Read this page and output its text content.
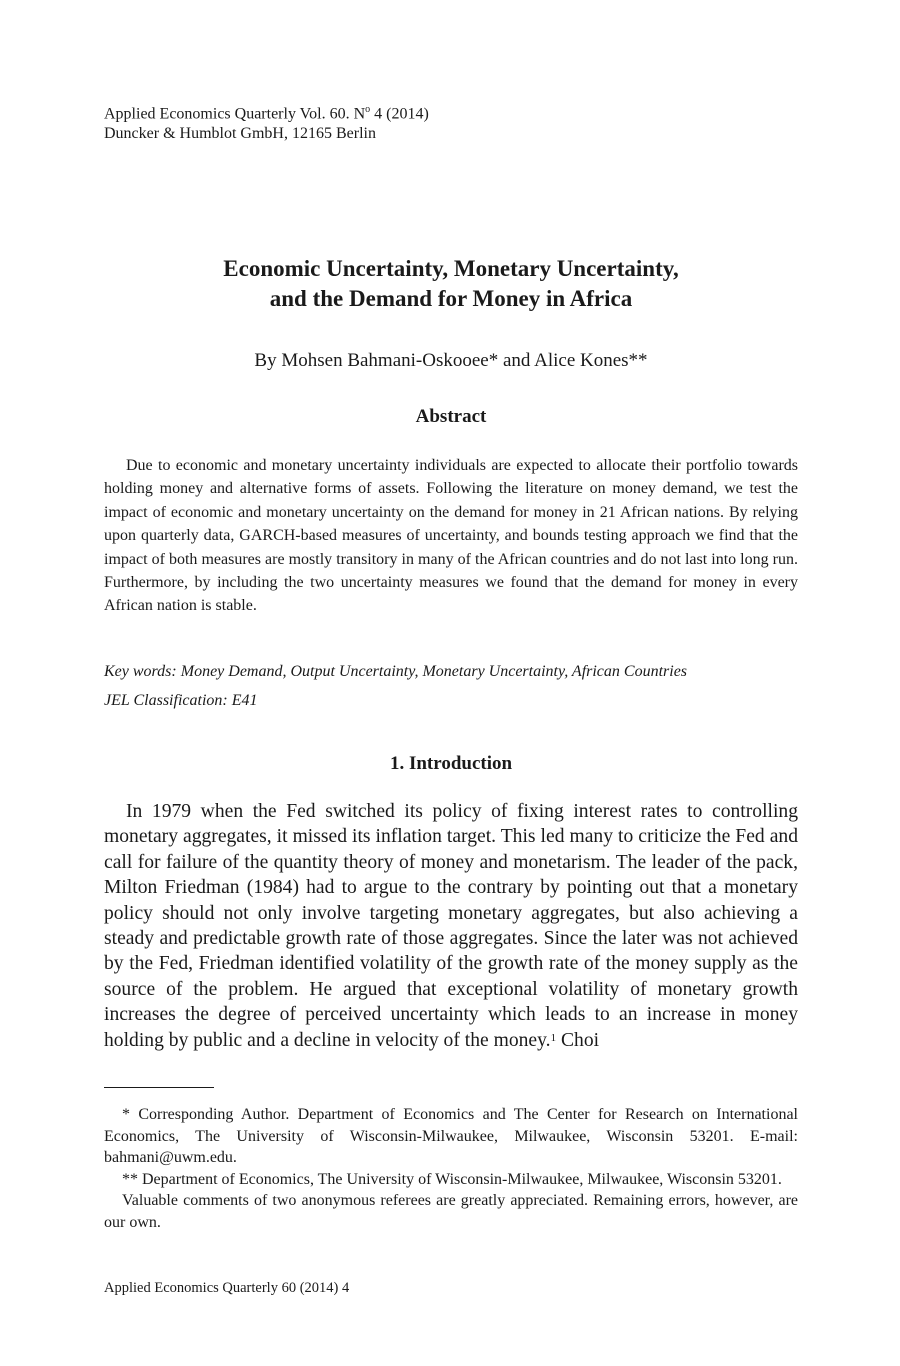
Applied Economics Quarterly Vol. 60. $N^o$ 4 (2014)
Duncker & Humblot GmbH, 12165 Berlin
Economic Uncertainty, Monetary Uncertainty,
and the Demand for Money in Africa
By Mohsen Bahmani-Oskooee* and Alice Kones**
Abstract

Due to economic and monetary uncertainty individuals are expected to allocate their portfolio towards holding money and alternative forms of assets. Following the literature on money demand, we test the impact of economic and monetary uncertainty on the demand for money in 21 African nations. By relying upon quarterly data, GARCH-based measures of uncertainty, and bounds testing approach we find that the impact of both measures are mostly transitory in many of the African countries and do not last into long run. Furthermore, by including the two uncertainty measures we found that the demand for money in every African nation is stable.

Key words: Money Demand, Output Uncertainty, Monetary Uncertainty, African Countries
JEL Classification: E41
1. Introduction

In 1979 when the Fed switched its policy of fixing interest rates to controlling monetary aggregates, it missed its inflation target. This led many to criticize the Fed and call for failure of the quantity theory of money and monetarism. The leader of the pack, Milton Friedman (1984) had to argue to the contrary by pointing out that a monetary policy should not only involve targeting monetary aggregates, but also achieving a steady and predictable growth rate of those aggregates. Since the later was not achieved by the Fed, Friedman identified volatility of the growth rate of the money supply as the source of the problem. He argued that exceptional volatility of monetary growth increases the degree of perceived uncertainty which leads to an increase in money holding by public and a decline in velocity of the money.$^1$ Choi

* Corresponding Author. Department of Economics and The Center for Research on International Economics, The University of Wisconsin-Milwaukee, Milwaukee, Wisconsin 53201. E-mail: bahmani@uwm.edu.

** Department of Economics, The University of Wisconsin-Milwaukee, Milwaukee, Wisconsin 53201.

Valuable comments of two anonymous referees are greatly appreciated. Remaining errors, however, are our own.

Applied Economics Quarterly 60 (2014) 4
